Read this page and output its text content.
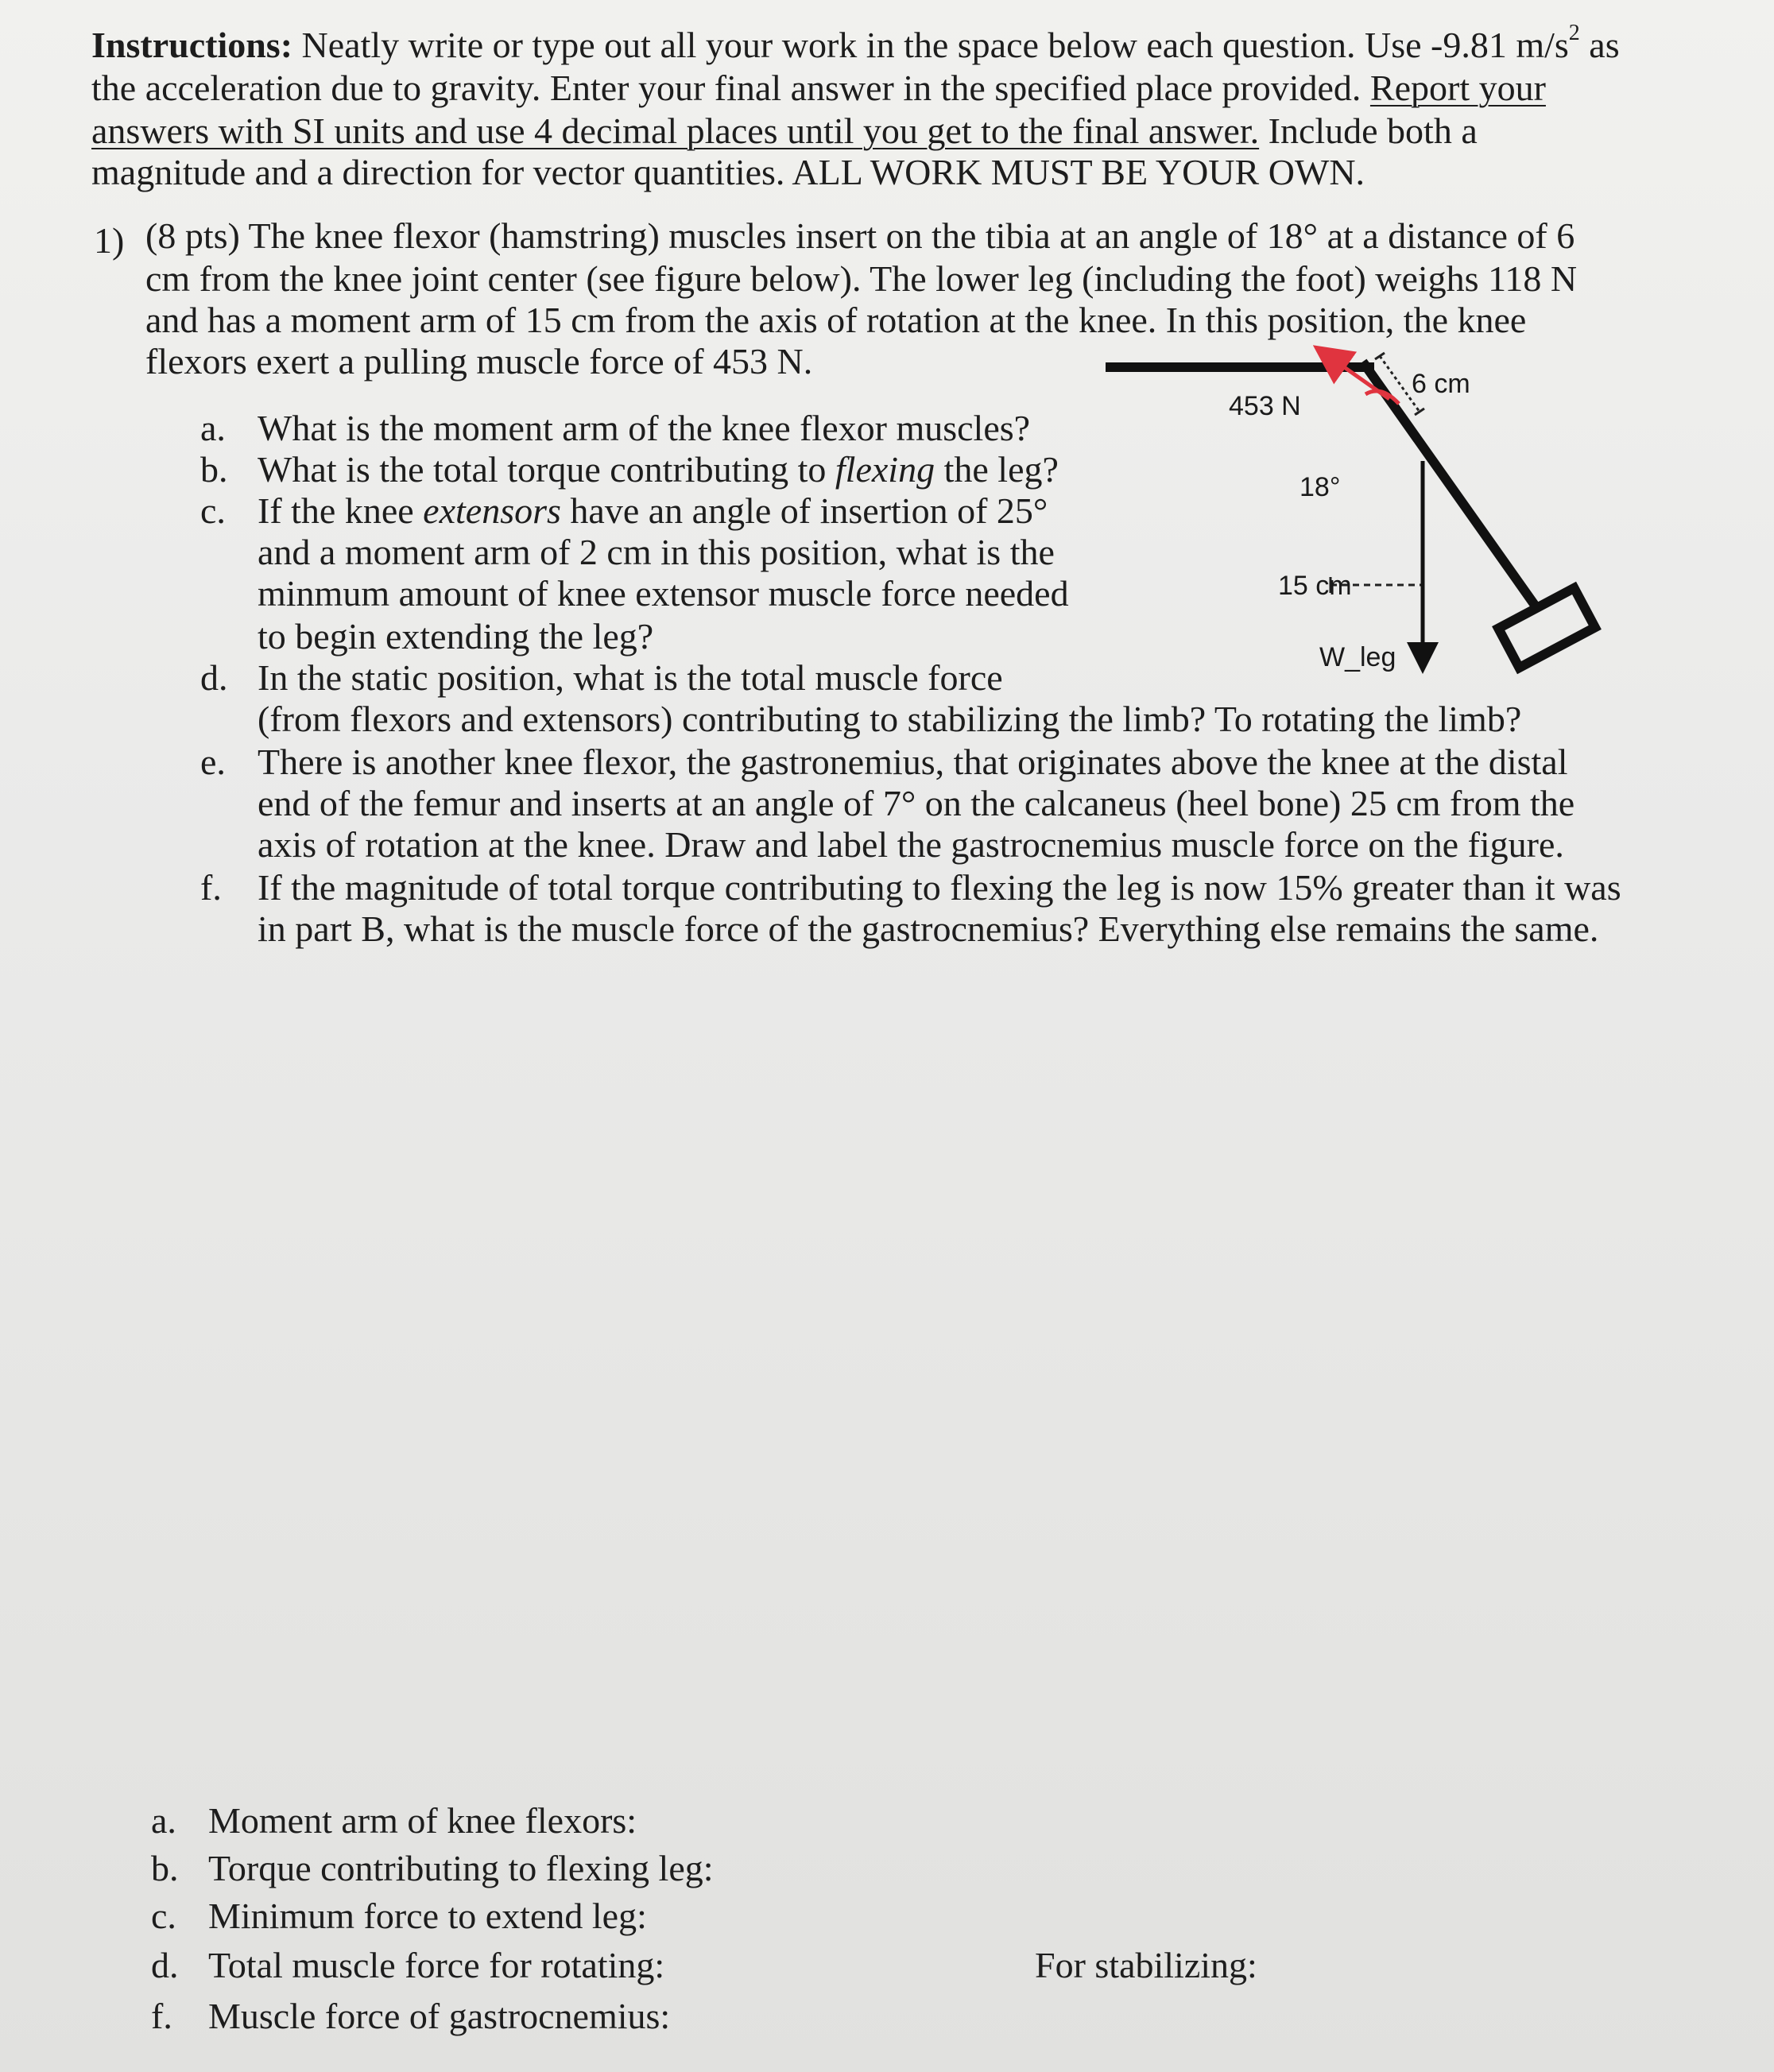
Instructions: Neatly write or type out all your work in the space below each question. Use -9.81 $m/s^2$ as
the acceleration due to gravity. Enter your final answer in the specified place provided. Report your
answers with SI units and use 4 decimal places until you get to the final answer. Include both a
magnitude and a direction for vector quantities. ALL WORK MUST BE YOUR OWN.
1) (8 pts) The knee flexor (hamstring) muscles insert on the tibia at an angle of 18° at a distance of 6
cm from the knee joint center (see figure below). The lower leg (including the foot) weighs 118 N
and has a moment arm of 15 cm from the axis of rotation at the knee. In this position, the knee
flexors exert a pulling muscle force of 453 N.
a. What is the moment arm of the knee flexor muscles?
b. What is the total torque contributing to flexing the leg?
c. If the knee extensors have an angle of insertion of 25°
and a moment arm of 2 cm in this position, what is the
minmum amount of knee extensor muscle force needed
to begin extending the leg?
d. In the static position, what is the total muscle force
(from flexors and extensors) contributing to stabilizing the limb? To rotating the limb?
e. There is another knee flexor, the gastronemius, that originates above the knee at the distal
end of the femur and inserts at an angle of 7° on the calcaneus (heel bone) 25 cm from the
axis of rotation at the knee. Draw and label the gastrocnemius muscle force on the figure.
f. If the magnitude of total torque contributing to flexing the leg is now 15% greater than it was
in part B, what is the muscle force of the gastrocnemius? Everything else remains the same.
453 N
6 cm
18°
15 cm
W_leg
a. Moment arm of knee flexors:
b. Torque contributing to flexing leg:
c. Minimum force to extend leg:
d. Total muscle force for rotating:	For stabilizing:
f. Muscle force of gastrocnemius:
